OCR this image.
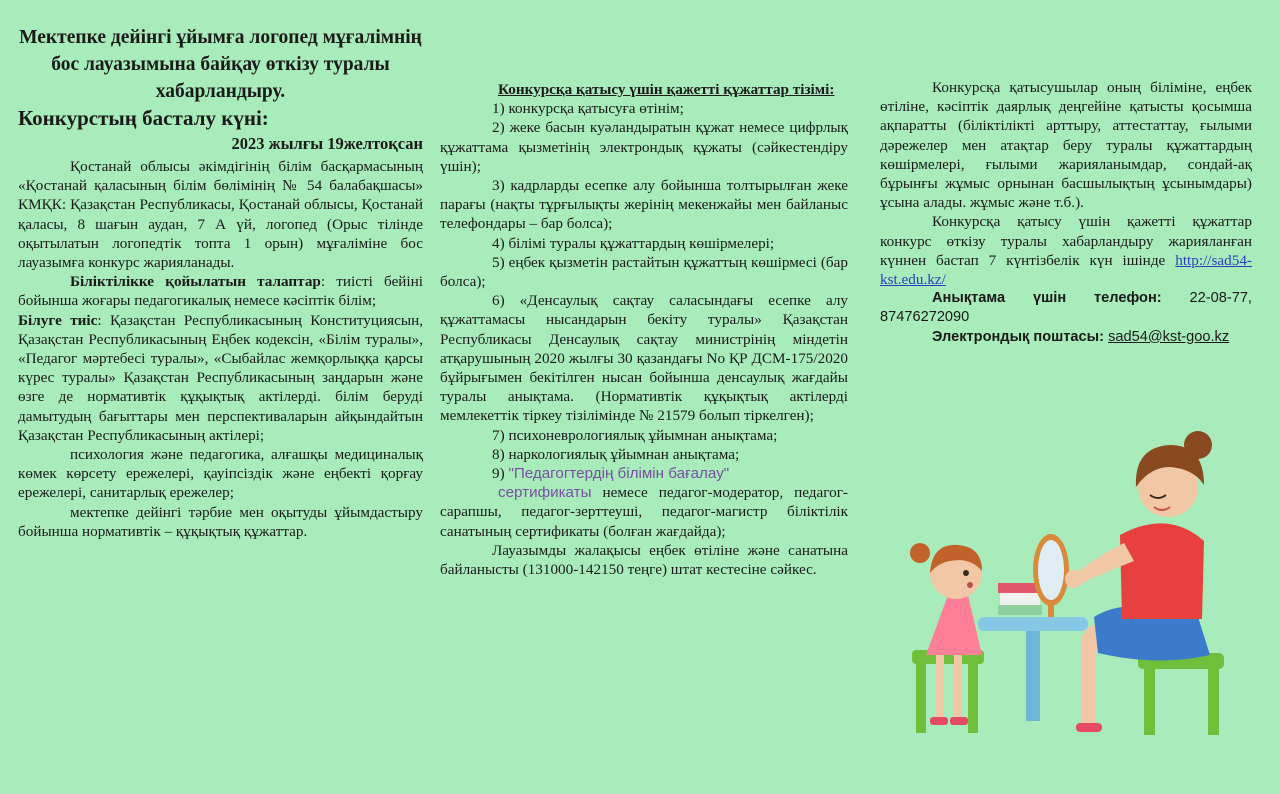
Мектепке дейінгі ұйымға логопед мұғалімнің бос лауазымына байқау өткізу туралы хабарландыру.

Конкурстың басталу күні:

2023 жылғы 19желтоқсан

Қостанай облысы әкімдігінің білім басқармасының «Қостанай қаласының білім бөлімінің № 54 балабақшасы» КМҚК: Қазақстан Республикасы, Қостанай облысы, Қостанай қаласы, 8 шағын аудан, 7 А үй, логопед (Орыс тілінде оқытылатын логопедтік топта 1 орын) мұғаліміне бос лауазымға конкурс жарияланады.

Біліктілікке қойылатын талаптар: тиісті бейіні бойынша жоғары педагогикалық немесе кәсіптік білім;

Білуге тиіс: Қазақстан Республикасының Конституциясын, Қазақстан Республикасының Еңбек кодексін, «Білім туралы», «Педагог мәртебесі туралы», «Сыбайлас жемқорлыққа қарсы күрес туралы» Қазақстан Республикасының заңдарын және өзге де нормативтік құқықтық актілерді. білім беруді дамытудың бағыттары мен перспективаларын айқындайтын Қазақстан Республикасының актілері;

психология және педагогика, алғашқы медициналық көмек көрсету ережелері, қауіпсіздік және еңбекті қорғау ережелері, санитарлық ережелер;

мектепке дейінгі тәрбие мен оқытуды ұйымдастыру бойынша нормативтік – құқықтық құжаттар.

Конкурсқа қатысу үшін қажетті құжаттар тізімі:

1) конкурсқа қатысуға өтінім;

2) жеке басын куәландыратын құжат немесе цифрлық құжаттама қызметінің электрондық құжаты (сәйкестендіру үшін);

3) кадрларды есепке алу бойынша толтырылған жеке парағы (нақты тұрғылықты жерінің мекенжайы мен байланыс телефондары – бар болса);

4) білімі туралы құжаттардың көшірмелері;

5) еңбек қызметін растайтын құжаттың көшірмесі (бар болса);

6) «Денсаулық сақтау саласындағы есепке алу құжаттамасы нысандарын бекіту туралы» Қазақстан Республикасы Денсаулық сақтау министрінің міндетін атқарушының 2020 жылғы 30 қазандағы No ҚР ДСМ-175/2020 бұйрығымен бекітілген нысан бойынша денсаулық жағдайы туралы анықтама. (Нормативтік құқықтық актілерді мемлекеттік тіркеу тізілімінде № 21579 болып тіркелген);

7) психоневрологиялық ұйымнан анықтама;

8) наркологиялық ұйымнан анықтама;

9) "Педагогтердің білімін бағалау"
сертификаты немесе педагог-модератор, педагог-сарапшы, педагог-зерттеуші, педагог-магистр біліктілік санатының сертификаты (болған жағдайда);

Лауазымды жалақысы еңбек өтіліне және санатына байланысты (131000-142150 теңге) штат кестесіне сәйкес.

Конкурсқа қатысушылар оның біліміне, еңбек өтіліне, кәсіптік даярлық деңгейіне қатысты қосымша ақпаратты (біліктілікті арттыру, аттестаттау, ғылыми дәрежелер мен атақтар беру туралы құжаттардың көшірмелері, ғылыми жарияланымдар, сондай-ақ бұрынғы жұмыс орнынан басшылықтың ұсынымдары) ұсына алады. жұмыс және т.б.).

Конкурсқа қатысу үшін қажетті құжаттар конкурс өткізу туралы хабарландыру жарияланған күннен бастап 7 күнтізбелік күн ішінде http://sad54-kst.edu.kz/

Анықтама үшін телефон: 22-08-77, 87476272090

Электрондық поштасы: sad54@kst-goo.kz
